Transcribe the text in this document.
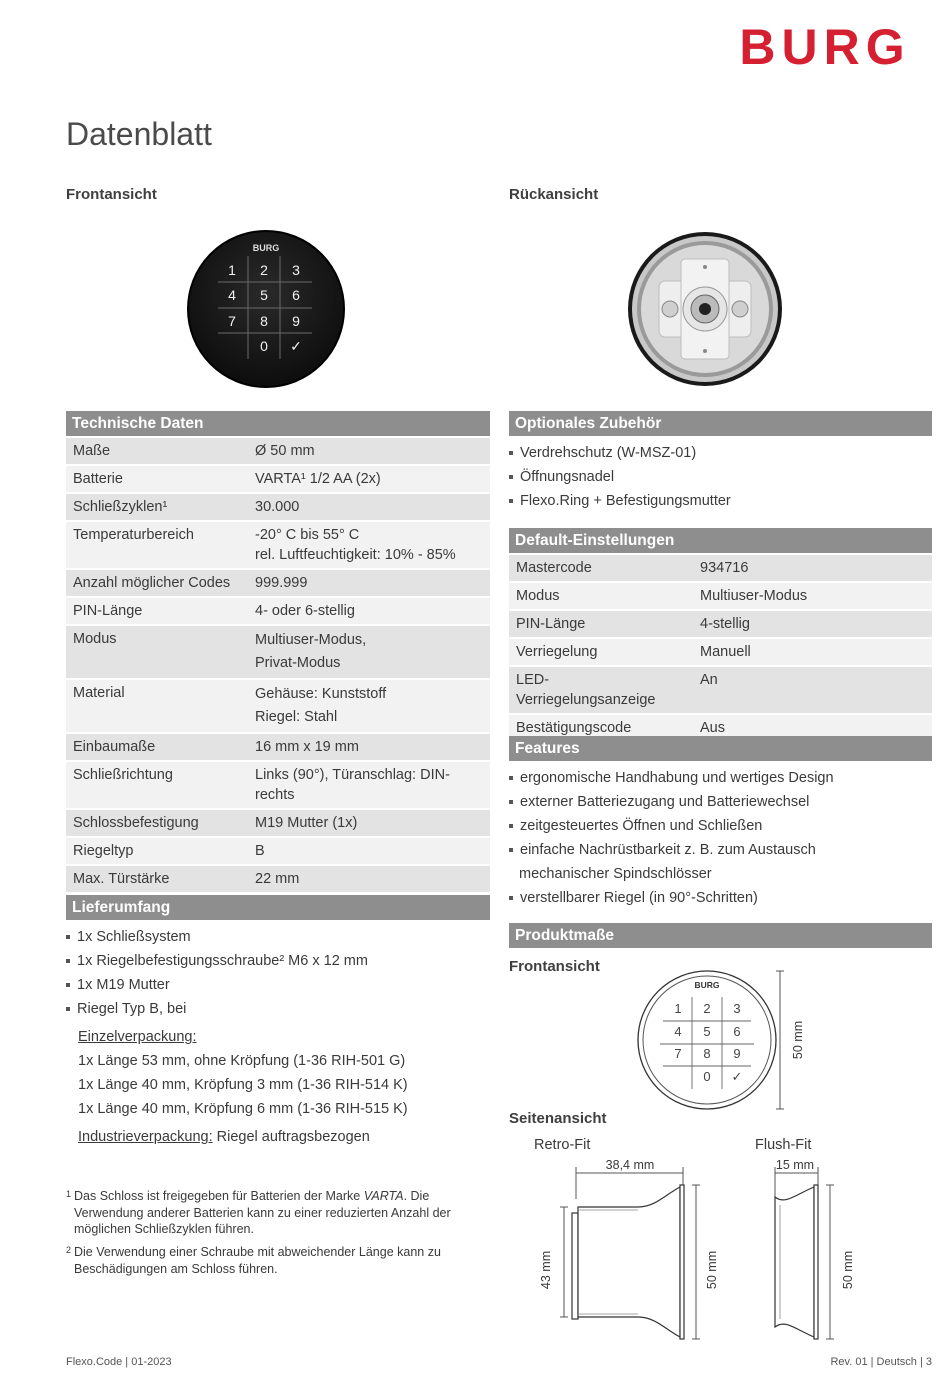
BURG
Datenblatt
Frontansicht	Rückansicht
BURG
1 2 3
4 5 6
7 8 9
0 ✓
Technische Daten
Maße	Ø 50 mm
Batterie	VARTA¹ 1/2 AA (2x)
Schließzyklen¹	30.000
Temperaturbereich	-20° C bis 55° C
rel. Luftfeuchtigkeit: 10% - 85%

Anzahl möglicher Codes	999.999
PIN-Länge	4- oder 6-stellig
Modus	Multiuser-Modus,
Privat-Modus

Material	Gehäuse: Kunststoff
Riegel: Stahl

Einbaumaße	16 mm x 19 mm
Schließrichtung	Links (90°), Türanschlag: DIN-
rechts

Schlossbefestigung	M19 Mutter (1x)
Riegeltyp	B
Max. Türstärke	22 mm
Lieferumfang
1x Schließsystem
1x Riegelbefestigungsschraube² M6 x 12 mm
1x M19 Mutter
Riegel Typ B, bei
Einzelverpackung:
1x Länge 53 mm, ohne Kröpfung (1-36 RIH-501 G)
1x Länge 40 mm, Kröpfung 3 mm (1-36 RIH-514 K)
1x Länge 40 mm, Kröpfung 6 mm (1-36 RIH-515 K)
Industrieverpackung: Riegel auftragsbezogen
1 Das Schloss ist freigegeben für Batterien der Marke VARTA. Die Verwendung anderer Batterien kann zu einer reduzierten Anzahl der möglichen Schließzyklen führen.
2 Die Verwendung einer Schraube mit abweichender Länge kann zu Beschädigungen am Schloss führen.
Optionales Zubehör
Verdrehschutz (W-MSZ-01)
Öffnungsnadel
Flexo.Ring + Befestigungsmutter
Default-Einstellungen
Mastercode	934716
Modus	Multiuser-Modus
PIN-Länge	4-stellig
Verriegelung	Manuell
LED-Verriegelungsanzeige	An
Bestätigungscode	Aus
Features
ergonomische Handhabung und wertiges Design
externer Batteriezugang und Batteriewechsel
zeitgesteuertes Öffnen und Schließen
einfache Nachrüstbarkeit z. B. zum Austausch
mechanischer Spindschlösser
verstellbarer Riegel (in 90°-Schritten)
Produktmaße
Frontansicht
BURG
1 2 3
4 5 6
7 8 9
0 ✓
50 mm
Seitenansicht
Retro-Fit	Flush-Fit
38,4 mm
43 mm	50 mm
15 mm
50 mm
Flexo.Code | 01-2023	Rev. 01 | Deutsch | 3
